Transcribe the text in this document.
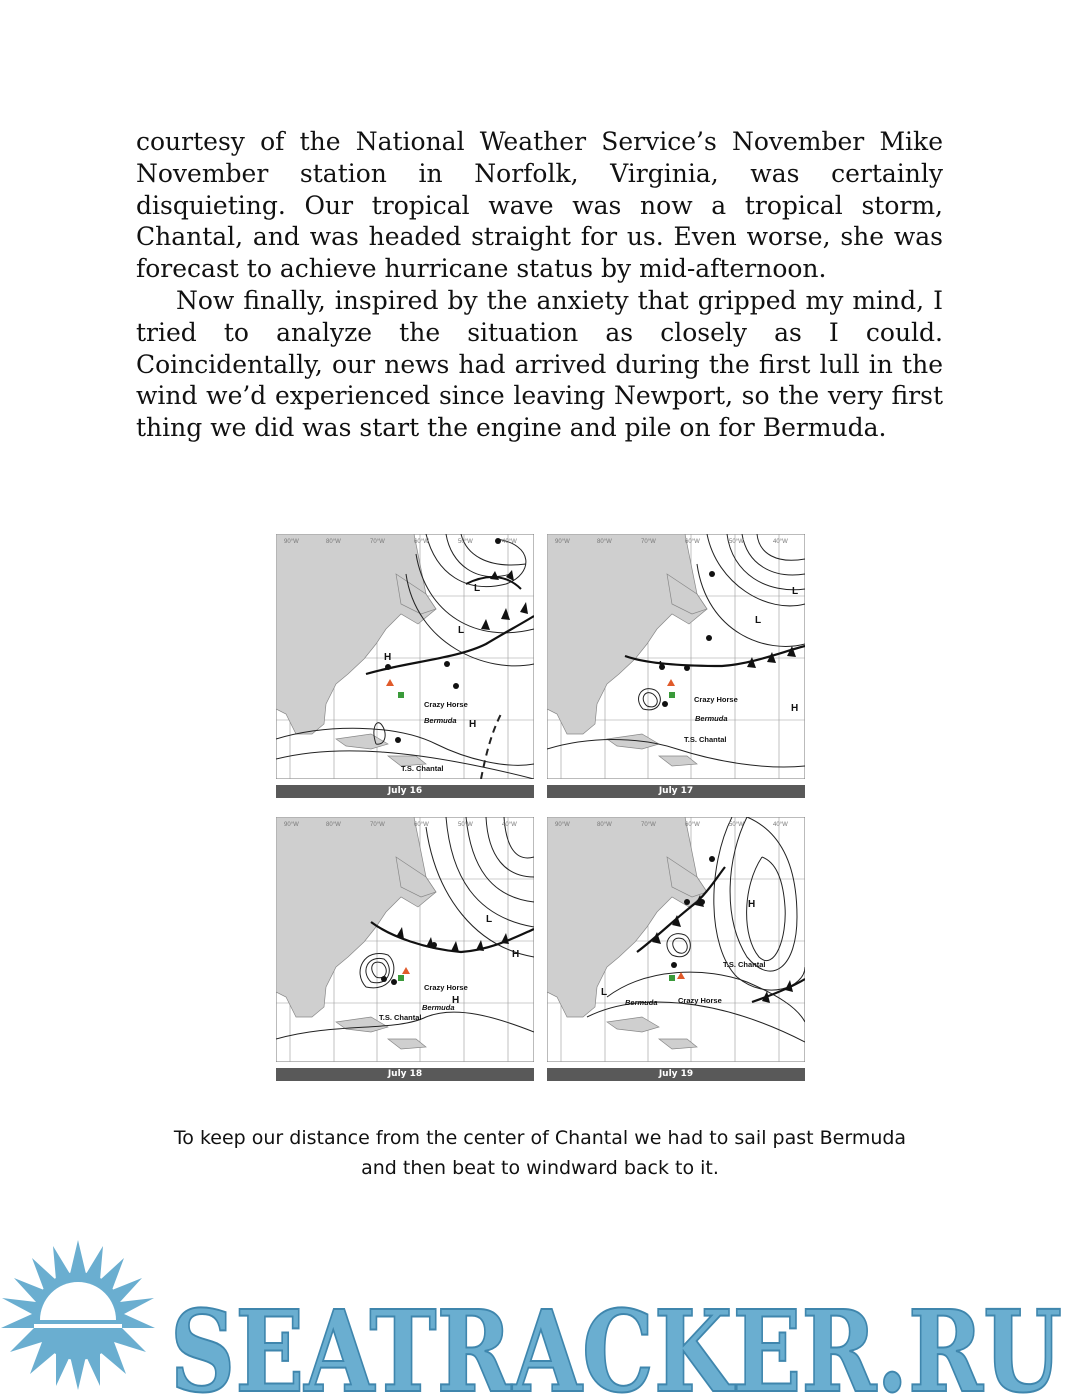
courtesy of the National Weather Service’s November Mike November station in Norfolk, Virginia, was certainly disquieting. Our tropical wave was now a tropical storm, Chantal, and was headed straight for us. Even worse, she was forecast to achieve hurricane status by mid-afternoon.

Now finally, inspired by the anxiety that gripped my mind, I tried to analyze the situation as closely as I could. Coincidentally, our news had arrived during the first lull in the wind we’d experienced since leaving Newport, so the very first thing we did was start the engine and pile on for Bermuda.

90°W	80°W	70°W	60°W	50°W	40°W
H
H
L
L
Crazy Horse
Bermuda
T.S. Chantal
July 16
90°W	80°W	70°W	60°W	50°W	40°W
H
L
L
L
Crazy Horse
Bermuda
T.S. Chantal
July 17
90°W	80°W	70°W	60°W	50°W	40°W
H
H
L
Crazy Horse
Bermuda
T.S. Chantal
July 18
90°W	80°W	70°W	60°W	50°W	40°W
H
L
Crazy Horse
Bermuda
T.S. Chantal
July 19
To keep our distance from the center of Chantal we had to sail past Bermuda
and then beat to windward back to it.
SEATRACKER.RU
